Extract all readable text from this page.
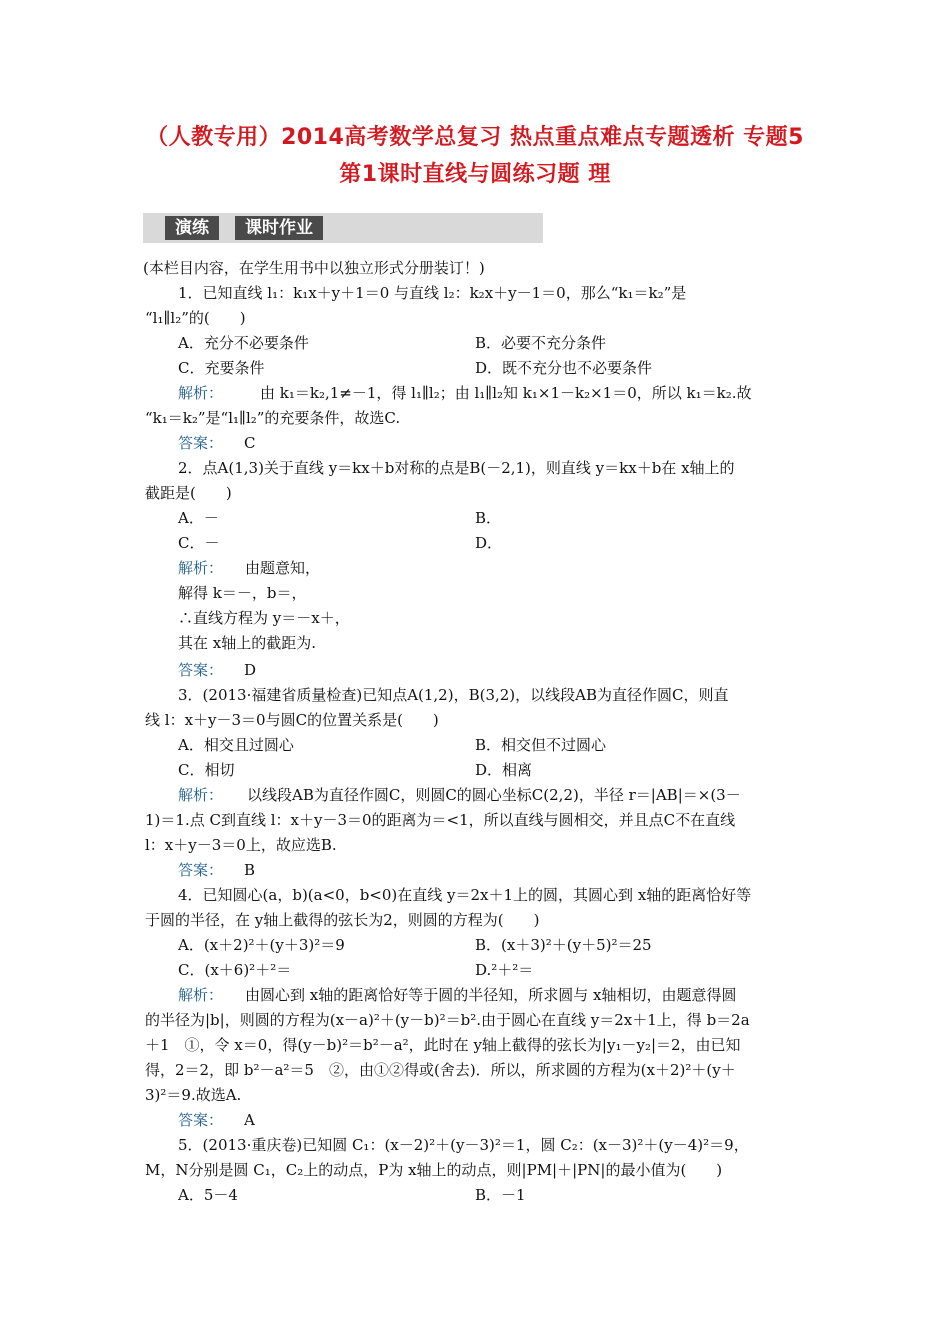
（人教专用）2014高考数学总复习 热点重点难点专题透析 专题5
第1课时直线与圆练习题 理
演练	课时作业
(本栏目内容，在学生用书中以独立形式分册装订！)
1．已知直线 l₁：k₁x＋y＋1＝0 与直线 l₂：k₂x＋y－1＝0，那么“k₁＝k₂”是
“l₁∥l₂”的(　　)
A．充分不必要条件	B．必要不充分条件
C．充要条件	D．既不充分也不必要条件
解析： 由 k₁＝k₂,1≠－1，得 l₁∥l₂；由 l₁∥l₂知 k₁×1－k₂×1＝0，所以 k₁＝k₂.故
“k₁＝k₂”是“l₁∥l₂”的充要条件，故选C.
答案： C
2．点A(1,3)关于直线 y＝kx＋b对称的点是B(－2,1)，则直线 y＝kx＋b在 x轴上的
截距是(　　)
A．－	B．
C．－	D．
解析： 由题意知，
解得 k＝－，b＝，
∴直线方程为 y＝－x＋，
其在 x轴上的截距为.
答案： D
3．(2013·福建省质量检查)已知点A(1,2)，B(3,2)，以线段AB为直径作圆C，则直
线 l：x＋y－3＝0与圆C的位置关系是(　　)
A．相交且过圆心	B．相交但不过圆心
C．相切	D．相离
解析： 以线段AB为直径作圆C，则圆C的圆心坐标C(2,2)，半径 r＝|AB|＝×(3－
1)＝1.点 C到直线 l：x＋y－3＝0的距离为＝<1，所以直线与圆相交，并且点C不在直线
l：x＋y－3＝0上，故应选B.
答案： B
4．已知圆心(a，b)(a<0，b<0)在直线 y＝2x＋1上的圆，其圆心到 x轴的距离恰好等
于圆的半径，在 y轴上截得的弦长为2，则圆的方程为(　　)
A．(x＋2)²＋(y＋3)²＝9	B．(x＋3)²＋(y＋5)²＝25
C．(x＋6)²＋²＝	D.²＋²＝
解析： 由圆心到 x轴的距离恰好等于圆的半径知，所求圆与 x轴相切，由题意得圆
的半径为|b|，则圆的方程为(x－a)²＋(y－b)²＝b².由于圆心在直线 y＝2x＋1上，得 b＝2a
＋1　①，令 x＝0，得(y－b)²＝b²－a²，此时在 y轴上截得的弦长为|y₁－y₂|＝2，由已知
得，2＝2，即 b²－a²＝5　②，由①②得或(舍去)．所以，所求圆的方程为(x＋2)²＋(y＋
3)²＝9.故选A.
答案： A
5．(2013·重庆卷)已知圆 C₁：(x－2)²＋(y－3)²＝1，圆 C₂：(x－3)²＋(y－4)²＝9，
M，N分别是圆 C₁，C₂上的动点，P为 x轴上的动点，则|PM|＋|PN|的最小值为(　　)
A．5－4	B．－1
